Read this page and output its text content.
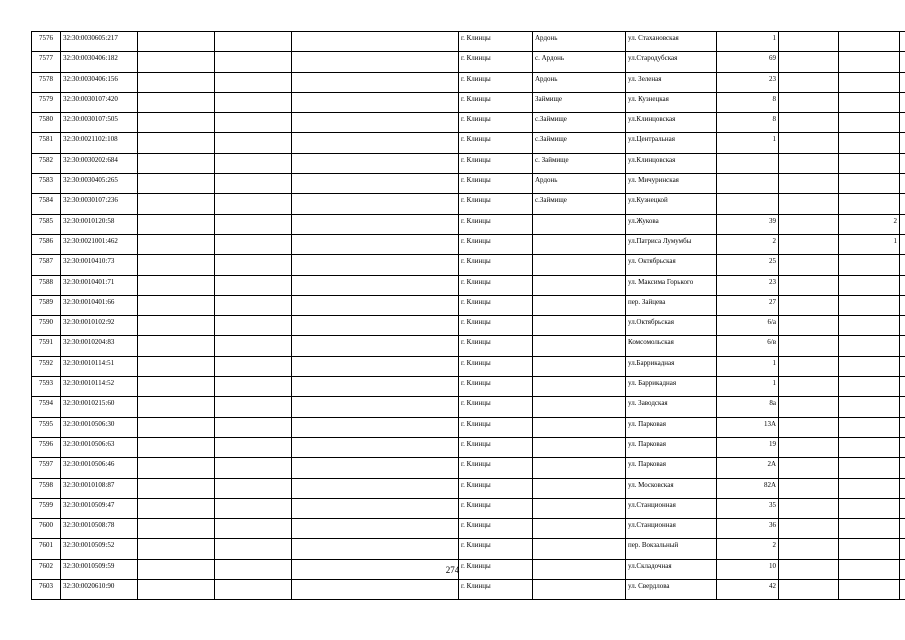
7576	32:30:0030605:217				г. Клинцы	Ардонь	ул. Стахановская	1			
7577	32:30:0030406:182				г. Клинцы	с. Ардонь	ул.Стародубская	69			
7578	32:30:0030406:156				г. Клинцы	Ардонь	ул. Зеленая	23			
7579	32:30:0030107:420				г. Клинцы	Займище	ул. Кузнецкая	8			
7580	32:30:0030107:505				г. Клинцы	с.Займище	ул.Клинцовская	8			
7581	32:30:0021102:108				г. Клинцы	с.Займище	ул.Центральная	1			
7582	32:30:0030202:684				г. Клинцы	с. Займище	ул.Клинцовская				
7583	32:30:0030405:265				г. Клинцы	Ардонь	ул. Мичуринская				
7584	32:30:0030107:236				г. Клинцы	с.Займище	ул.Кузнецкой				
7585	32:30:0010120:58				г. Клинцы		ул.Жукова	39		2	
7586	32:30:0021001:462				г. Клинцы		ул.Патриса Лумумбы	2		1	
7587	32:30:0010410:73				г. Клинцы		ул. Октябрьская	25			
7588	32:30:0010401:71				г. Клинцы		ул. Максима Горького	23			
7589	32:30:0010401:66				г. Клинцы		пер. Зайцева	27			
7590	32:30:0010102:92				г. Клинцы		ул.Октябрьская	6/а			
7591	32:30:0010204:83				г. Клинцы		Комсомольская	6/в			
7592	32:30:0010114:51				г. Клинцы		ул.Баррикадная	1			
7593	32:30:0010114:52				г. Клинцы		ул. Баррикадная	1			
7594	32:30:0010215:60				г. Клинцы		ул. Заводская	8а			
7595	32:30:0010506:30				г. Клинцы		ул. Парковая	13А			
7596	32:30:0010506:63				г. Клинцы		ул. Парковая	19			
7597	32:30:0010506:46				г. Клинцы		ул. Парковая	2А			
7598	32:30:0010108:87				г. Клинцы		ул. Московская	82А			
7599	32:30:0010509:47				г. Клинцы		ул.Станционная	35			
7600	32:30:0010508:78				г. Клинцы		ул.Станционная	36			
7601	32:30:0010509:52				г. Клинцы		пер. Вокзальный	2			
7602	32:30:0010509:59				г. Клинцы		ул.Складочная	10			
7603	32:30:0020610:90				г. Клинцы		ул. Свердлова	42			
274
